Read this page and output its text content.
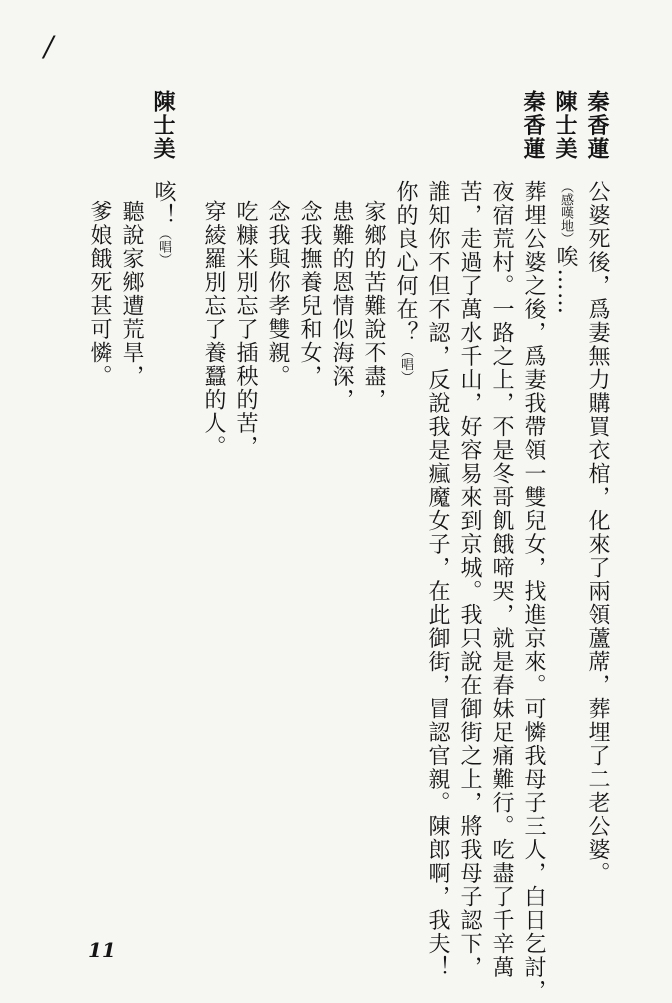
/
秦香蓮
公婆死後，爲妻無力購買衣棺，化來了兩領蘆蓆，葬埋了二老公婆。
陳士美
（感嘆地）唉……
秦香蓮
葬埋公婆之後，爲妻我帶領一雙兒女，找進京來。可憐我母子三人，白日乞討，
夜宿荒村。一路之上，不是冬哥飢餓啼哭，就是春妹足痛難行。吃盡了千辛萬
苦，走過了萬水千山，好容易來到京城。我只說在御街之上，將我母子認下，
誰知你不但不認，反說我是瘋魔女子，在此御街，冒認官親。陳郎啊，我夫！
你的良心何在？（唱）
家鄉的苦難說不盡，
患難的恩情似海深，
念我撫養兒和女，
念我與你孝雙親。
吃糠米別忘了插秧的苦，
穿綾羅別忘了養蠶的人。
陳士美
咳！（唱）
聽說家鄉遭荒旱，
爹娘餓死甚可憐。
11
